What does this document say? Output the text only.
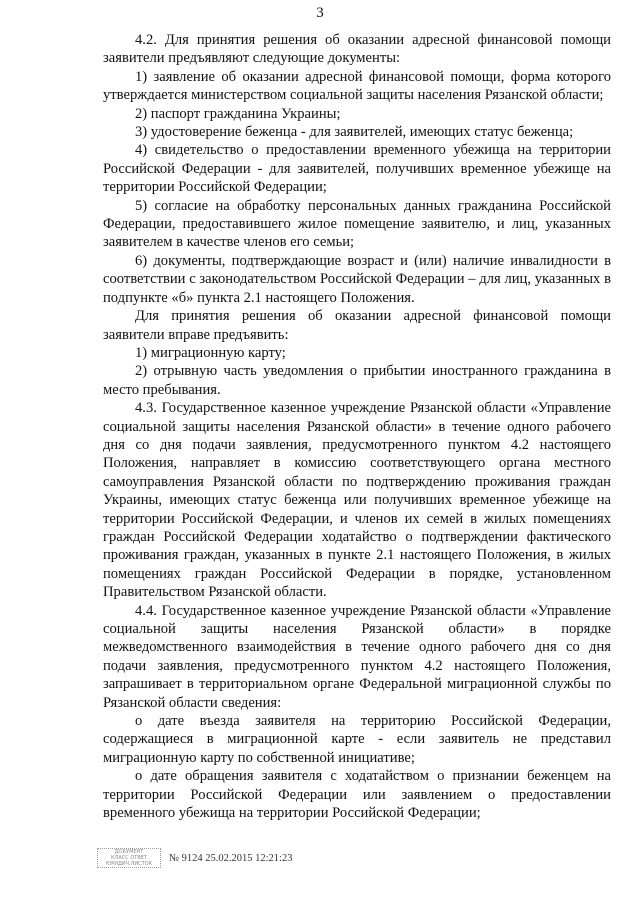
3

4.2. Для принятия решения об оказании адресной финансовой помощи заявители предъявляют следующие документы:

1) заявление об оказании адресной финансовой помощи, форма которого утверждается министерством социальной защиты населения Рязанской области;

2) паспорт гражданина Украины;

3) удостоверение беженца - для заявителей, имеющих статус беженца;

4) свидетельство о предоставлении временного убежища на территории Российской Федерации - для заявителей, получивших временное убежище на территории Российской Федерации;

5) согласие на обработку персональных данных гражданина Российской Федерации, предоставившего жилое помещение заявителю, и лиц, указанных заявителем в качестве членов его семьи;

6) документы, подтверждающие возраст и (или) наличие инвалидности в соответствии с законодательством Российской Федерации – для лиц, указанных в подпункте «б» пункта 2.1 настоящего Положения.

Для принятия решения об оказании адресной финансовой помощи заявители вправе предъявить:

1) миграционную карту;

2) отрывную часть уведомления о прибытии иностранного гражданина в место пребывания.

4.3. Государственное казенное учреждение Рязанской области «Управление социальной защиты населения Рязанской области» в течение одного рабочего дня со дня подачи заявления, предусмотренного пунктом 4.2 настоящего Положения, направляет в комиссию соответствующего органа местного самоуправления Рязанской области по подтверждению проживания граждан Украины, имеющих статус беженца или получивших временное убежище на территории Российской Федерации, и членов их семей в жилых помещениях граждан Российской Федерации ходатайство о подтверждении фактического проживания граждан, указанных в пункте 2.1 настоящего Положения, в жилых помещениях граждан Российской Федерации в порядке, установленном Правительством Рязанской области.

4.4. Государственное казенное учреждение Рязанской области «Управление социальной защиты населения Рязанской области» в порядке межведомственного взаимодействия в течение одного рабочего дня со дня подачи заявления, предусмотренного пунктом 4.2 настоящего Положения, запрашивает в территориальном органе Федеральной миграционной службы по Рязанской области сведения:

о дате въезда заявителя на территорию Российской Федерации, содержащиеся в миграционной карте - если заявитель не представил миграционную карту по собственной инициативе;

о дате обращения заявителя с ходатайством о признании беженцем на территории Российской Федерации или заявлением о предоставлении временного убежища на территории Российской Федерации;

ДОКУМЕНТ
КЛАСС ОТВЕТ
ЮРИДИЧ.ЛИСТОК
№ 9124 25.02.2015 12:21:23
